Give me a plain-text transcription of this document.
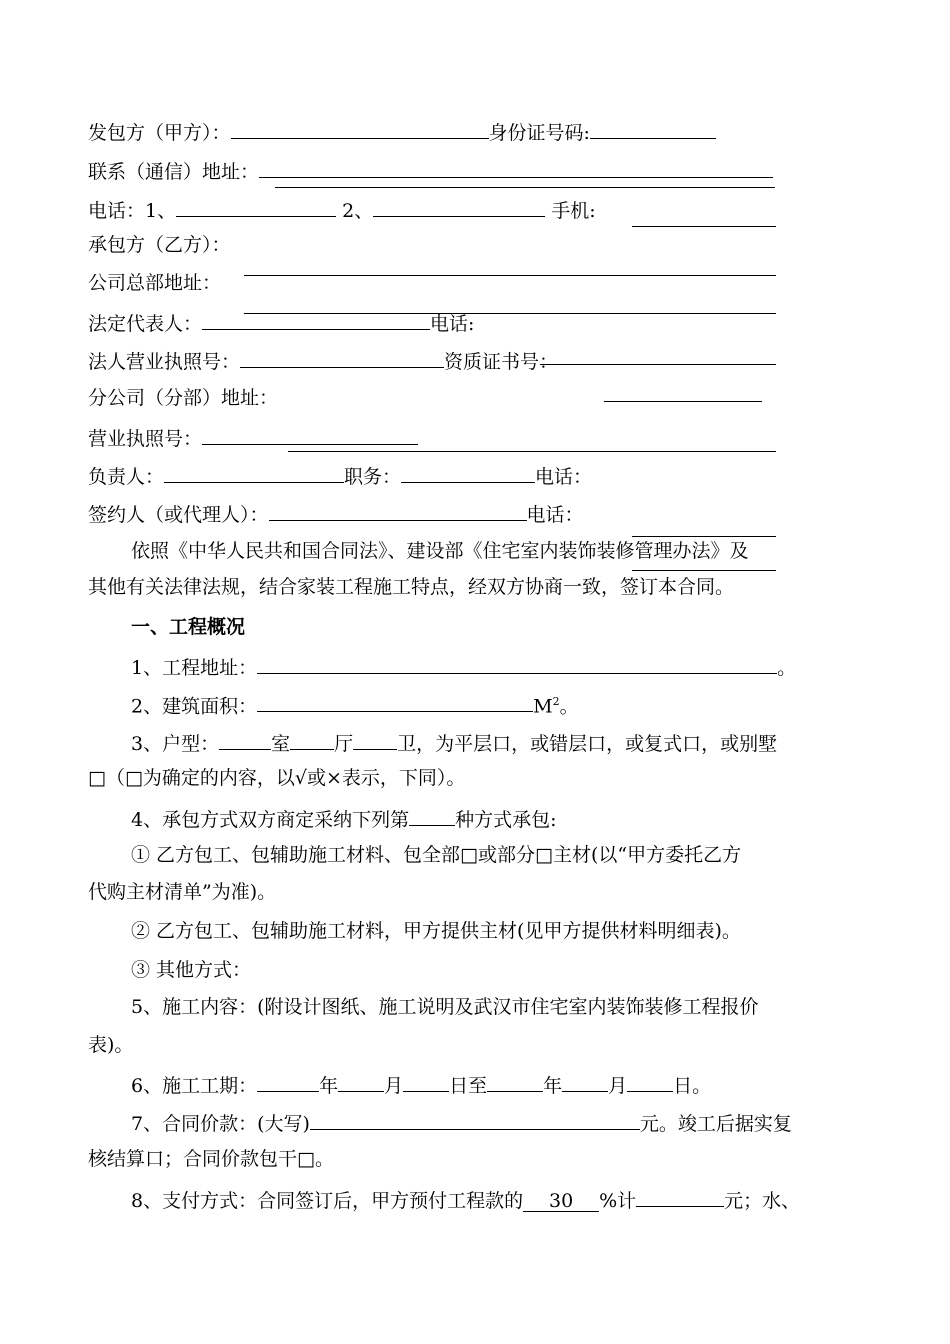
发包方（甲方）：	身份证号码:
联系（通信）地址：
电话：1、	2、	手机:
承包方（乙方）：
公司总部地址：
法定代表人：	电话:
法人营业执照号：	资质证书号：
分公司（分部）地址：
营业执照号：
负责人：	职务：	电话：
签约人（或代理人）：	电话：
依照《中华人民共和国合同法》、建设部《住宅室内装饰装修管理办法》及
其他有关法律法规，结合家装工程施工特点，经双方协商一致，签订本合同。
一、工程概况
1、工程地址：	。
2、建筑面积：	$M^2$。
3、户型：	室 厅 卫，为平层口，或错层口，或复式口，或别墅
□（□为确定的内容，以√或×表示，下同）。
4、承包方式双方商定采纳下列第 种方式承包:
① 乙方包工、包辅助施工材料、包全部□或部分□主材(以“甲方委托乙方
代购主材清单”为准)。
② 乙方包工、包辅助施工材料，甲方提供主材(见甲方提供材料明细表)。
③ 其他方式：
5、施工内容：(附设计图纸、施工说明及武汉市住宅室内装饰装修工程报价
表)。
6、施工工期：	年 月 日至	年 月 日。
7、合同价款：(大写)	元。竣工后据实复
核结算口；合同价款包干□。
8、支付方式：合同签订后，甲方预付工程款的 30 %计	元；水、
